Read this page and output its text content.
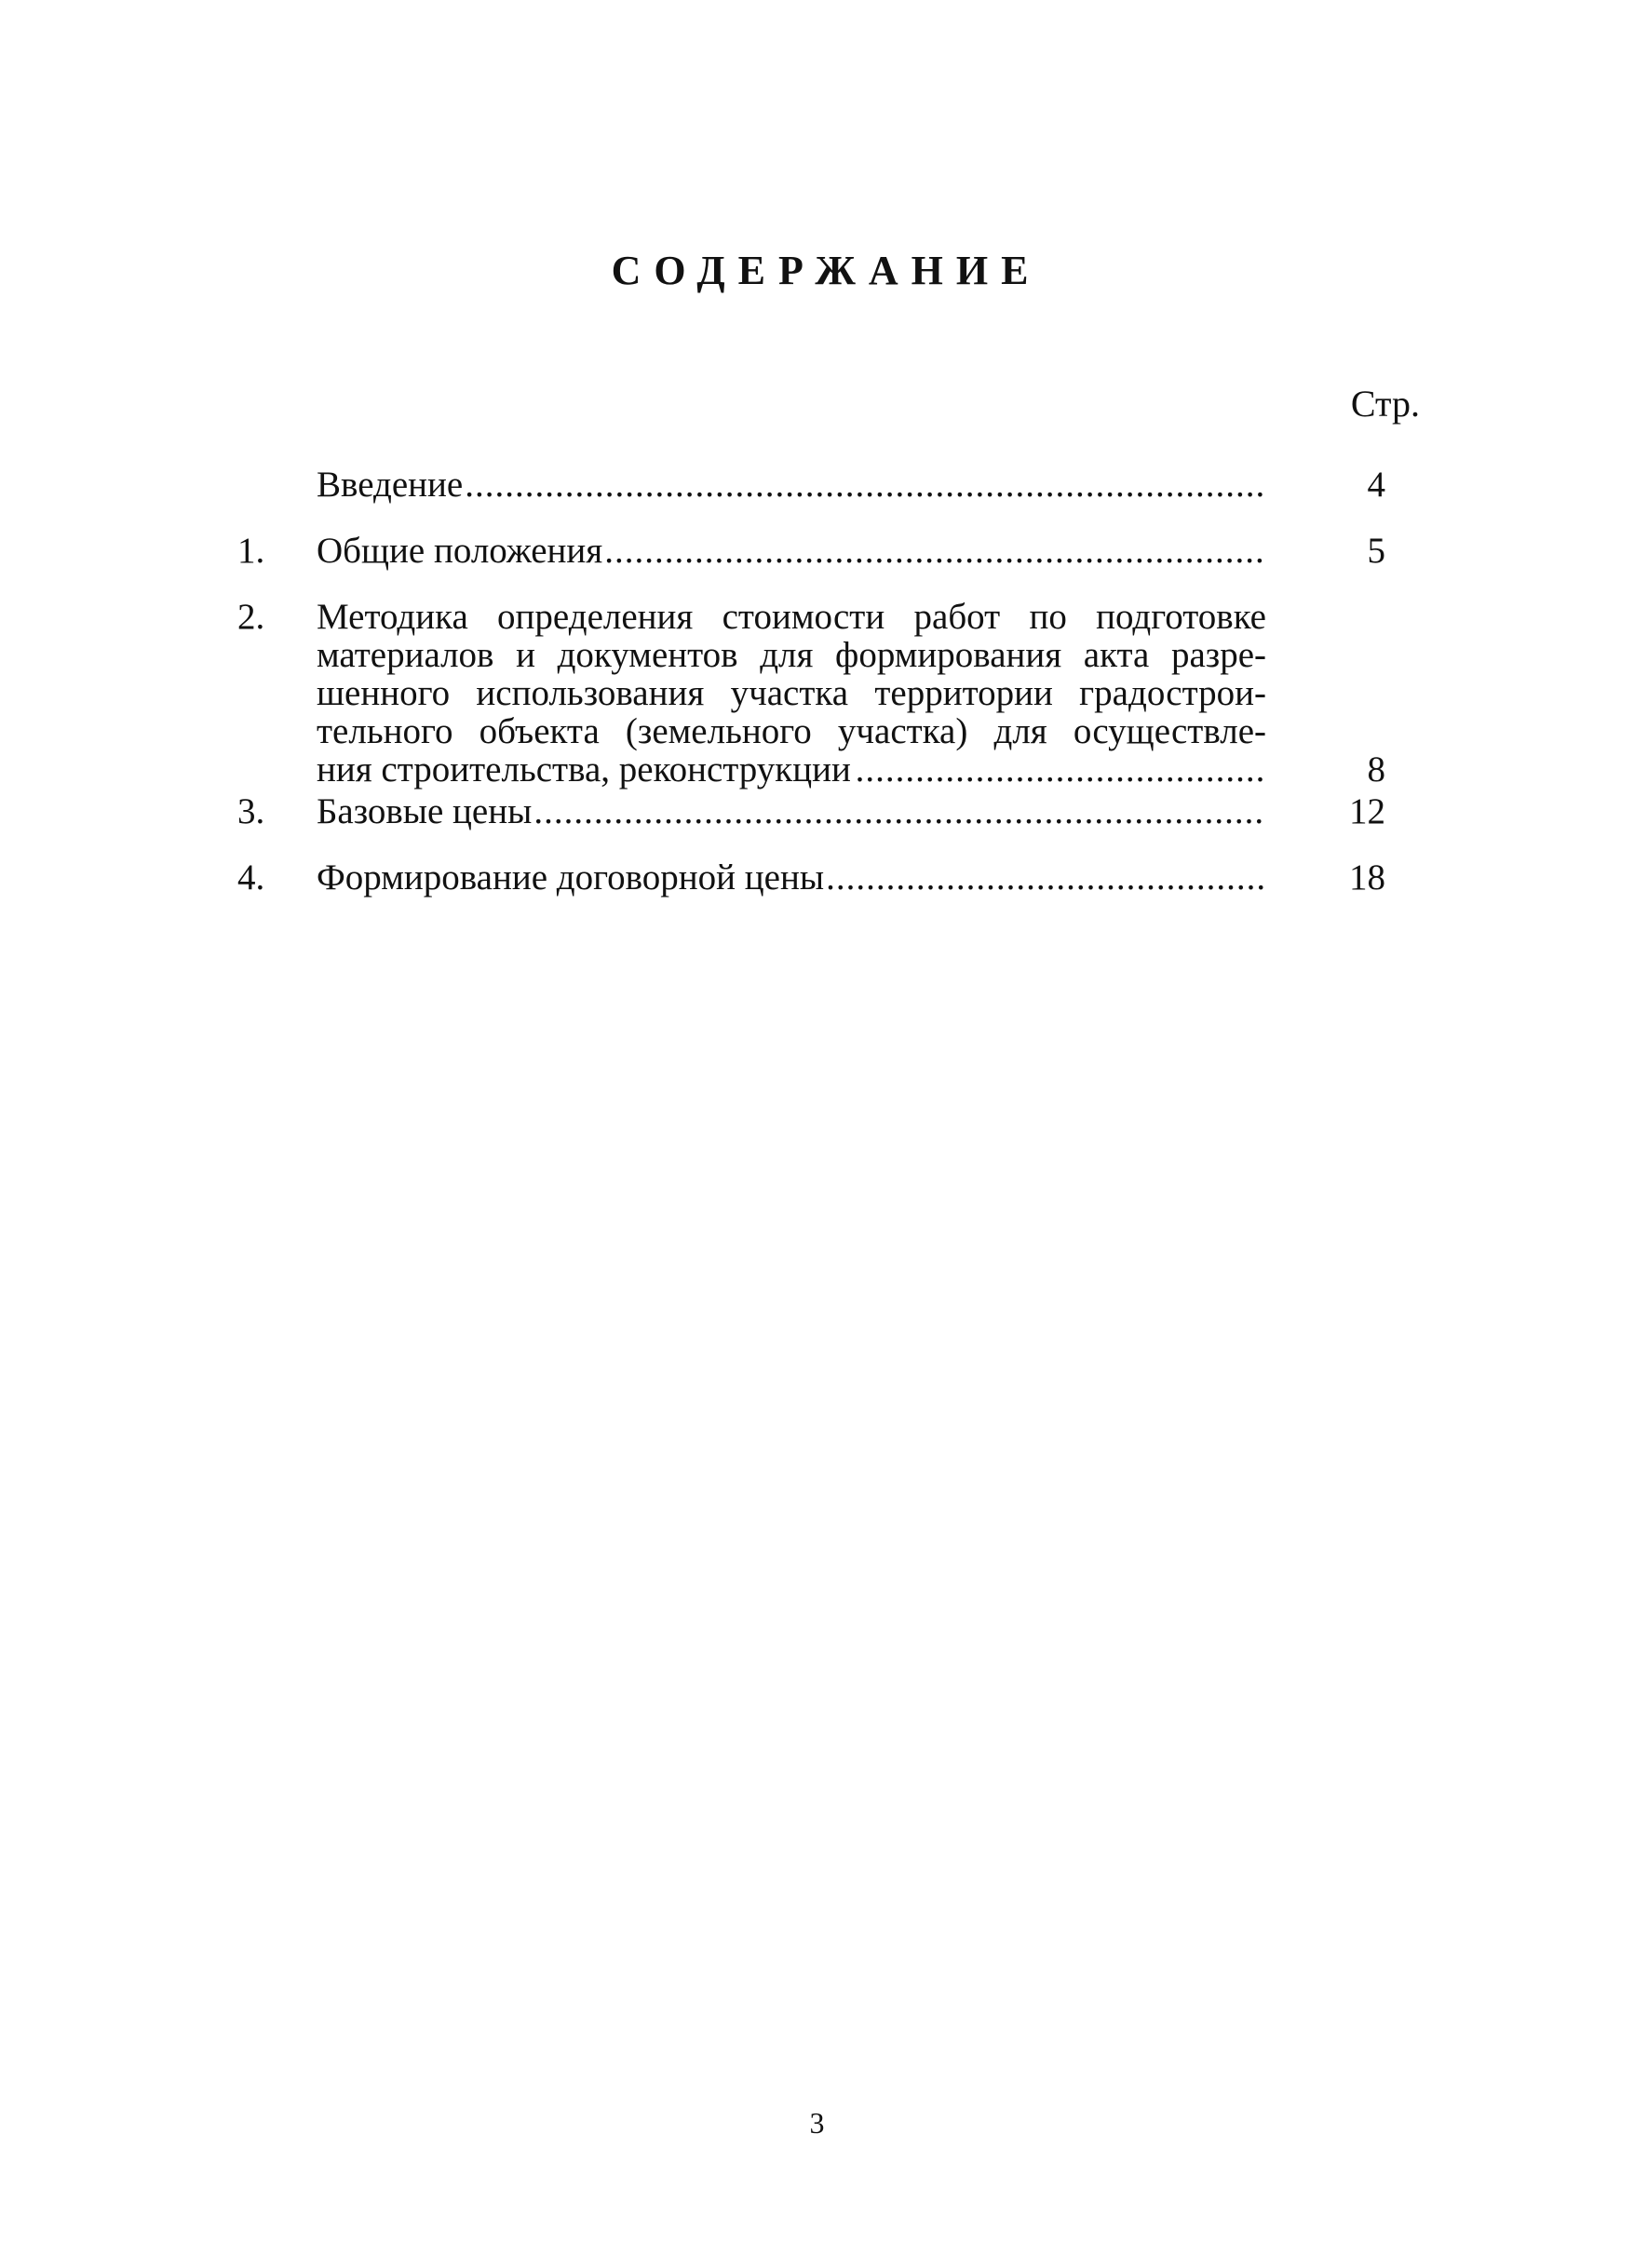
СОДЕРЖАНИЕ
Стр.
Введение .....	4
1.	Общие положения .....	5
2.	Методика определения стоимости работ по подготовке
материалов и документов для формирования акта разре-
шенного использования участка территории градострои-
тельного объекта (земельного участка) для осуществле-
ния строительства, реконструкции .....	8
3.	Базовые цены .....	12
4.	Формирование договорной цены .....	18
3
